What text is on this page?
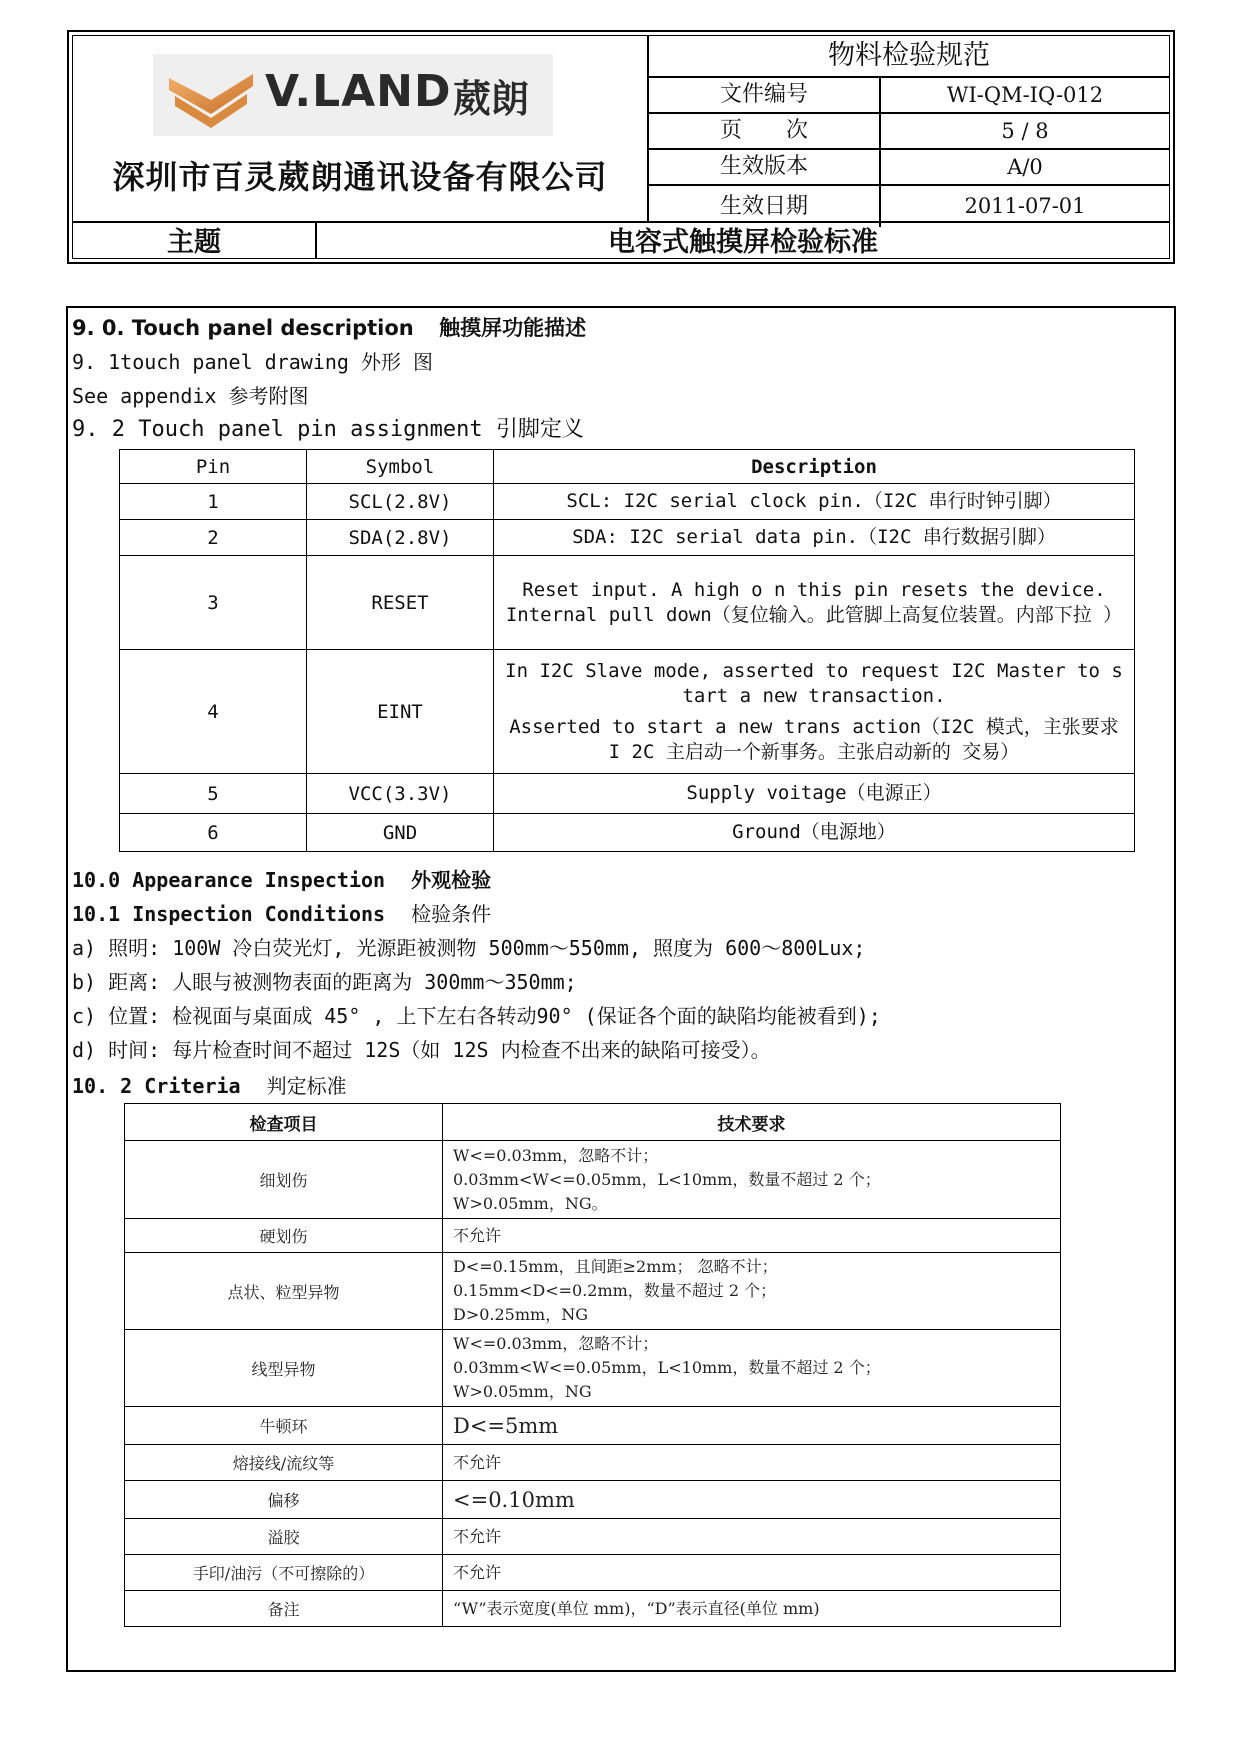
V.LAND 葳朗
深圳市百灵葳朗通讯设备有限公司
物料检验规范
文件编号	WI-QM-IQ-012
页　　次	5 / 8
生效版本	A/0
生效日期	2011-07-01
主题	电容式触摸屏检验标准
9. 0. Touch panel description 触摸屏功能描述
9. 1touch panel drawing 外形 图
See appendix 参考附图
9. 2 Touch panel pin assignment 引脚定义
Pin	Symbol	Description
1	SCL(2.8V)	SCL: I2C serial clock pin.（I2C 串行时钟引脚）
2	SDA(2.8V)	SDA: I2C serial data pin.（I2C 串行数据引脚）
3	RESET	Reset input. A high o n this pin resets the device. Internal pull down（复位输入。此管脚上高复位装置。内部下拉 ）
4	EINT	In I2C Slave mode, asserted to request I2C Master to s tart a new transaction.
Asserted to start a new trans action（I2C 模式，主张要求 I 2C 主启动一个新事务。主张启动新的 交易）

5	VCC(3.3V)	Supply voitage（电源正）
6	GND	Ground（电源地）
10.0 Appearance Inspection 外观检验
10.1 Inspection Conditions 检验条件
a) 照明: 100W 冷白荧光灯, 光源距被测物 500mm～550mm, 照度为 600～800Lux;
b) 距离: 人眼与被测物表面的距离为 300mm～350mm;
c) 位置: 检视面与桌面成 45° , 上下左右各转动90° (保证各个面的缺陷均能被看到);
d) 时间: 每片检查时间不超过 12S（如 12S 内检查不出来的缺陷可接受）。
10. 2 Criteria 判定标准
检查项目	技术要求
细划伤	W<=0.03mm，忽略不计；
0.03mm<W<=0.05mm，L<10mm，数量不超过 2 个；
W>0.05mm，NG。

硬划伤	不允许
点状、粒型异物	D<=0.15mm，且间距≥2mm； 忽略不计；
0.15mm<D<=0.2mm，数量不超过 2 个；
D>0.25mm，NG

线型异物	W<=0.03mm，忽略不计；
0.03mm<W<=0.05mm，L<10mm，数量不超过 2 个；
W>0.05mm，NG

牛顿环	D<=5mm
熔接线/流纹等	不允许
偏移	<=0.10mm
溢胶	不允许
手印/油污（不可擦除的）	不允许
备注	“W”表示宽度(单位 mm)，“D”表示直径(单位 mm)
